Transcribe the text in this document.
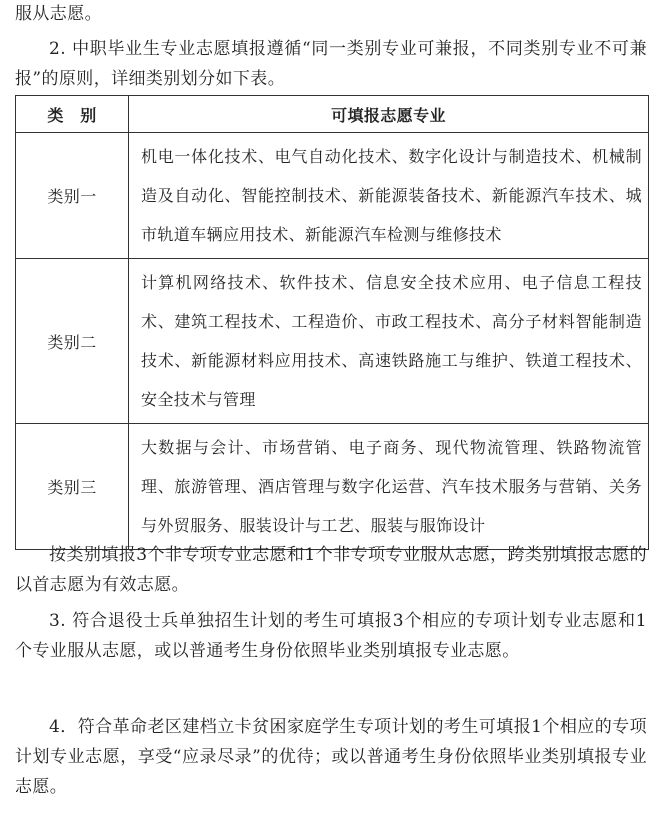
服从志愿。

2. 中职毕业生专业志愿填报遵循“同一类别专业可兼报，不同类别专业不可兼报”的原则，详细类别划分如下表。

类　别	可填报志愿专业
类别一	机电一体化技术、电气自动化技术、数字化设计与制造技术、机械制造及自动化、智能控制技术、新能源装备技术、新能源汽车技术、城市轨道车辆应用技术、新能源汽车检测与维修技术
类别二	计算机网络技术、软件技术、信息安全技术应用、电子信息工程技术、建筑工程技术、工程造价、市政工程技术、高分子材料智能制造技术、新能源材料应用技术、高速铁路施工与维护、铁道工程技术、安全技术与管理
类别三	大数据与会计、市场营销、电子商务、现代物流管理、铁路物流管理、旅游管理、酒店管理与数字化运营、汽车技术服务与营销、关务与外贸服务、服装设计与工艺、服装与服饰设计

按类别填报3个非专项专业志愿和1个非专项专业服从志愿，跨类别填报志愿的以首志愿为有效志愿。

3. 符合退役士兵单独招生计划的考生可填报3个相应的专项计划专业志愿和1个专业服从志愿，或以普通考生身份依照毕业类别填报专业志愿。

4．符合革命老区建档立卡贫困家庭学生专项计划的考生可填报1个相应的专项计划专业志愿，享受“应录尽录”的优待；或以普通考生身份依照毕业类别填报专业志愿。
